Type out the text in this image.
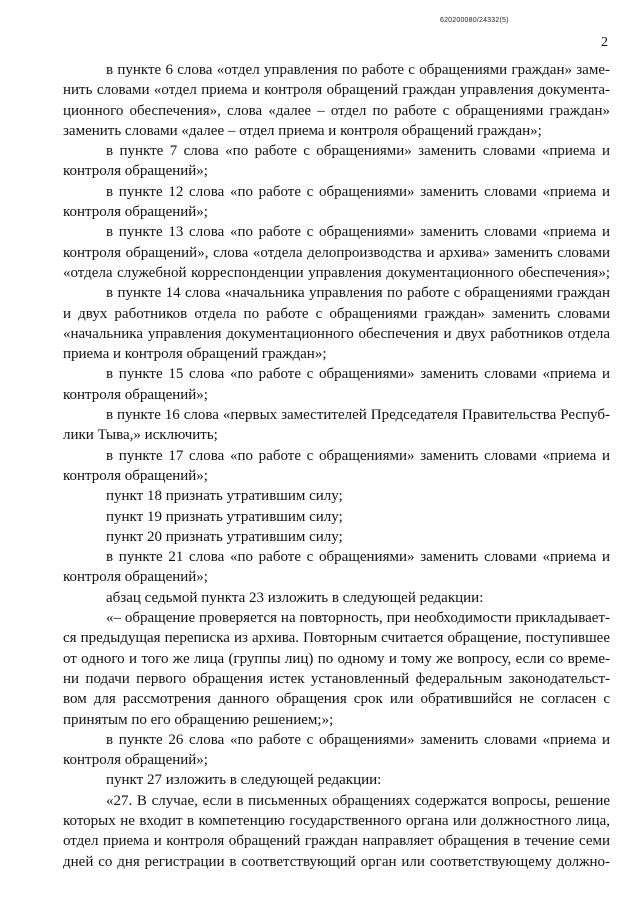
620200080/24332(5)
2
в пункте 6 слова «отдел управления по работе с обращениями граждан» заме-
нить словами «отдел приема и контроля обращений граждан управления документа-
ционного обеспечения», слова «далее – отдел по работе с обращениями граждан»
заменить словами «далее – отдел приема и контроля обращений граждан»;
в пункте 7 слова «по работе с обращениями» заменить словами «приема и
контроля обращений»;
в пункте 12 слова «по работе с обращениями» заменить словами «приема и
контроля обращений»;
в пункте 13 слова «по работе с обращениями» заменить словами «приема и
контроля обращений», слова «отдела делопроизводства и архива» заменить словами
«отдела служебной корреспонденции управления документационного обеспечения»;
в пункте 14 слова «начальника управления по работе с обращениями граждан
и двух работников отдела по работе с обращениями граждан» заменить словами
«начальника управления документационного обеспечения и двух работников отдела
приема и контроля обращений граждан»;
в пункте 15 слова «по работе с обращениями» заменить словами «приема и
контроля обращений»;
в пункте 16 слова «первых заместителей Председателя Правительства Респуб-
лики Тыва,» исключить;
в пункте 17 слова «по работе с обращениями» заменить словами «приема и
контроля обращений»;
пункт 18 признать утратившим силу;
пункт 19 признать утратившим силу;
пункт 20 признать утратившим силу;
в пункте 21 слова «по работе с обращениями» заменить словами «приема и
контроля обращений»;
абзац седьмой пункта 23 изложить в следующей редакции:
«– обращение проверяется на повторность, при необходимости прикладывает-
ся предыдущая переписка из архива. Повторным считается обращение, поступившее
от одного и того же лица (группы лиц) по одному и тому же вопросу, если со време-
ни подачи первого обращения истек установленный федеральным законодательст-
вом для рассмотрения данного обращения срок или обратившийся не согласен с
принятым по его обращению решением;»;
в пункте 26 слова «по работе с обращениями» заменить словами «приема и
контроля обращений»;
пункт 27 изложить в следующей редакции:
«27. В случае, если в письменных обращениях содержатся вопросы, решение
которых не входит в компетенцию государственного органа или должностного лица,
отдел приема и контроля обращений граждан направляет обращения в течение семи
дней со дня регистрации в соответствующий орган или соответствующему должно-
